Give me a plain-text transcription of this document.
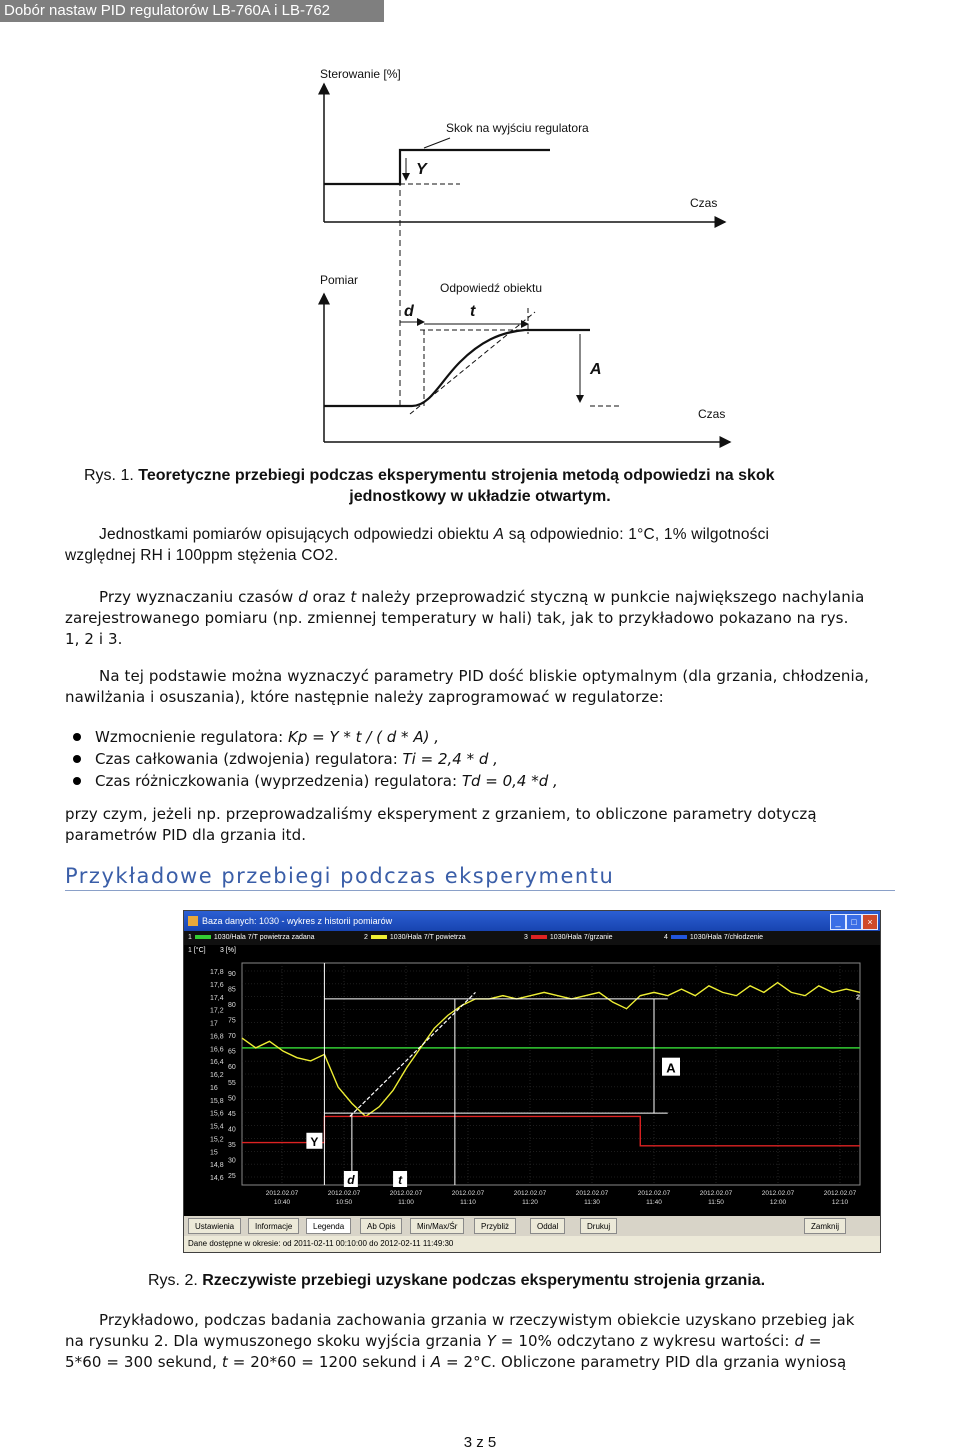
Dobór nastaw PID regulatorów LB-760A i LB-762
Sterowanie [%]
Skok na wyjściu regulatora
Y
Czas
Pomiar
Odpowiedź obiektu
d	t
A
Czas
Rys. 1. Teoretyczne przebiegi podczas eksperymentu strojenia metodą odpowiedzi na skok
jednostkowy w układzie otwartym.
Jednostkami pomiarów opisujących odpowiedzi obiektu A są odpowiednio: 1°C, 1% wilgotności
względnej RH i 100ppm stężenia CO2.
Przy wyznaczaniu czasów d oraz t należy przeprowadzić styczną w punkcie największego nachylania
zarejestrowanego pomiaru (np. zmiennej temperatury w hali) tak, jak to przykładowo pokazano na rys.
1, 2 i 3.
Na tej podstawie można wyznaczyć parametry PID dość bliskie optymalnym (dla grzania, chłodzenia,
nawilżania i osuszania), które następnie należy zaprogramować w regulatorze:
Wzmocnienie regulatora: Kp = Y * t / ( d * A) ,
Czas całkowania (zdwojenia) regulatora: Ti = 2,4 * d ,
Czas różniczkowania (wyprzedzenia) regulatora: Td = 0,4 *d ,
przy czym, jeżeli np. przeprowadzaliśmy eksperyment z grzaniem, to obliczone parametry dotyczą
parametrów PID dla grzania itd.
Przykładowe przebiegi podczas eksperymentu
Baza danych: 1030 - wykres z historii pomiarów	_	□	×
1	1030/Hala 7/T powietrza zadana	2	1030/Hala 7/T powietrza	3	1030/Hala 7/grzanie	4	1030/Hala 7/chłodzenie
1 [°C] 3 [%]
17,8
17,6
17,4
17,2
17
16,8
16,6
16,4
16,2
16
15,8
15,6
15,4
15,2
15
14,8
14,6
90
85
80
75
70
65
60
55
50
45
40
35
30
25
2012.02.07
10:40
2012.02.07
10:50
2012.02.07
11:00
2012.02.07
11:10
2012.02.07
11:20
2012.02.07
11:30
2012.02.07
11:40
2012.02.07
11:50
2012.02.07
12:00
2012.02.07
12:10
2
A
Y
d	t
Ustawienia	Informacje	Legenda	Ab Opis	Min/Max/Śr	Przybliż	Oddal	Drukuj	Zamknij
Dane dostępne w okresie: od 2011-02-11 00:10:00 do 2012-02-11 11:49:30
Rys. 2. Rzeczywiste przebiegi uzyskane podczas eksperymentu strojenia grzania.
Przykładowo, podczas badania zachowania grzania w rzeczywistym obiekcie uzyskano przebieg jak
na rysunku 2. Dla wymuszonego skoku wyjścia grzania Y = 10% odczytano z wykresu wartości: d =
5*60 = 300 sekund, t = 20*60 = 1200 sekund i A = 2°C. Obliczone parametry PID dla grzania wyniosą
3 z 5
